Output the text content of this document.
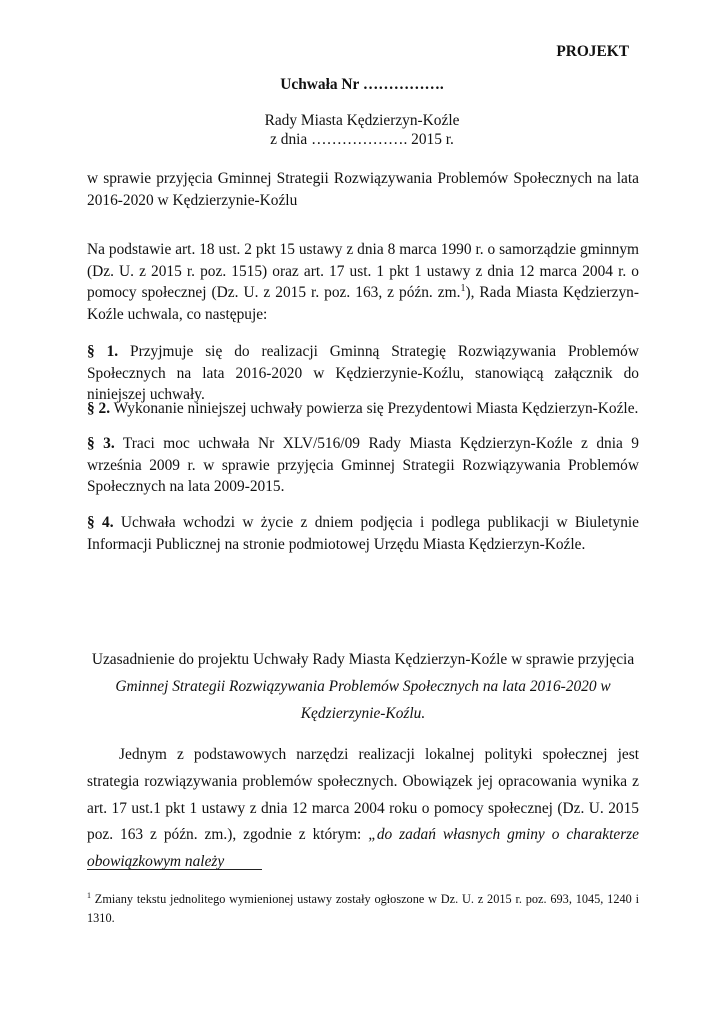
PROJEKT
Uchwała Nr …………….
Rady Miasta Kędzierzyn-Koźle
z dnia ………………. 2015 r.

w sprawie przyjęcia Gminnej Strategii Rozwiązywania Problemów Społecznych na lata 2016-2020 w Kędzierzynie-Koźlu

Na podstawie art. 18 ust. 2 pkt 15 ustawy z dnia 8 marca 1990 r. o samorządzie gminnym (Dz. U. z 2015 r. poz. 1515) oraz art. 17 ust. 1 pkt 1 ustawy z dnia 12 marca 2004 r. o pomocy społecznej (Dz. U. z 2015 r. poz. 163, z późn. zm.$^1$), Rada Miasta Kędzierzyn-Koźle uchwala, co następuje:

§ 1. Przyjmuje się do realizacji Gminną Strategię Rozwiązywania Problemów Społecznych na lata 2016-2020 w Kędzierzynie-Koźlu, stanowiącą załącznik do niniejszej uchwały.

§ 2. Wykonanie niniejszej uchwały powierza się Prezydentowi Miasta Kędzierzyn-Koźle.

§ 3. Traci moc uchwała Nr XLV/516/09 Rady Miasta Kędzierzyn-Koźle z dnia 9 września 2009 r. w sprawie przyjęcia Gminnej Strategii Rozwiązywania Problemów Społecznych na lata 2009-2015.

§ 4. Uchwała wchodzi w życie z dniem podjęcia i podlega publikacji w Biuletynie Informacji Publicznej na stronie podmiotowej Urzędu Miasta Kędzierzyn-Koźle.

Uzasadnienie do projektu Uchwały Rady Miasta Kędzierzyn-Koźle w sprawie przyjęcia
Gminnej Strategii Rozwiązywania Problemów Społecznych na lata 2016-2020 w Kędzierzynie-Koźlu.
Jednym z podstawowych narzędzi realizacji lokalnej polityki społecznej jest strategia rozwiązywania problemów społecznych. Obowiązek jej opracowania wynika z art. 17 ust.1 pkt 1 ustawy z dnia 12 marca 2004 roku o pomocy społecznej (Dz. U. 2015 poz. 163 z późn. zm.), zgodnie z którym: „do zadań własnych gminy o charakterze obowiązkowym należy
$^1$ Zmiany tekstu jednolitego wymienionej ustawy zostały ogłoszone w Dz. U. z 2015 r. poz. 693, 1045, 1240 i 1310.
